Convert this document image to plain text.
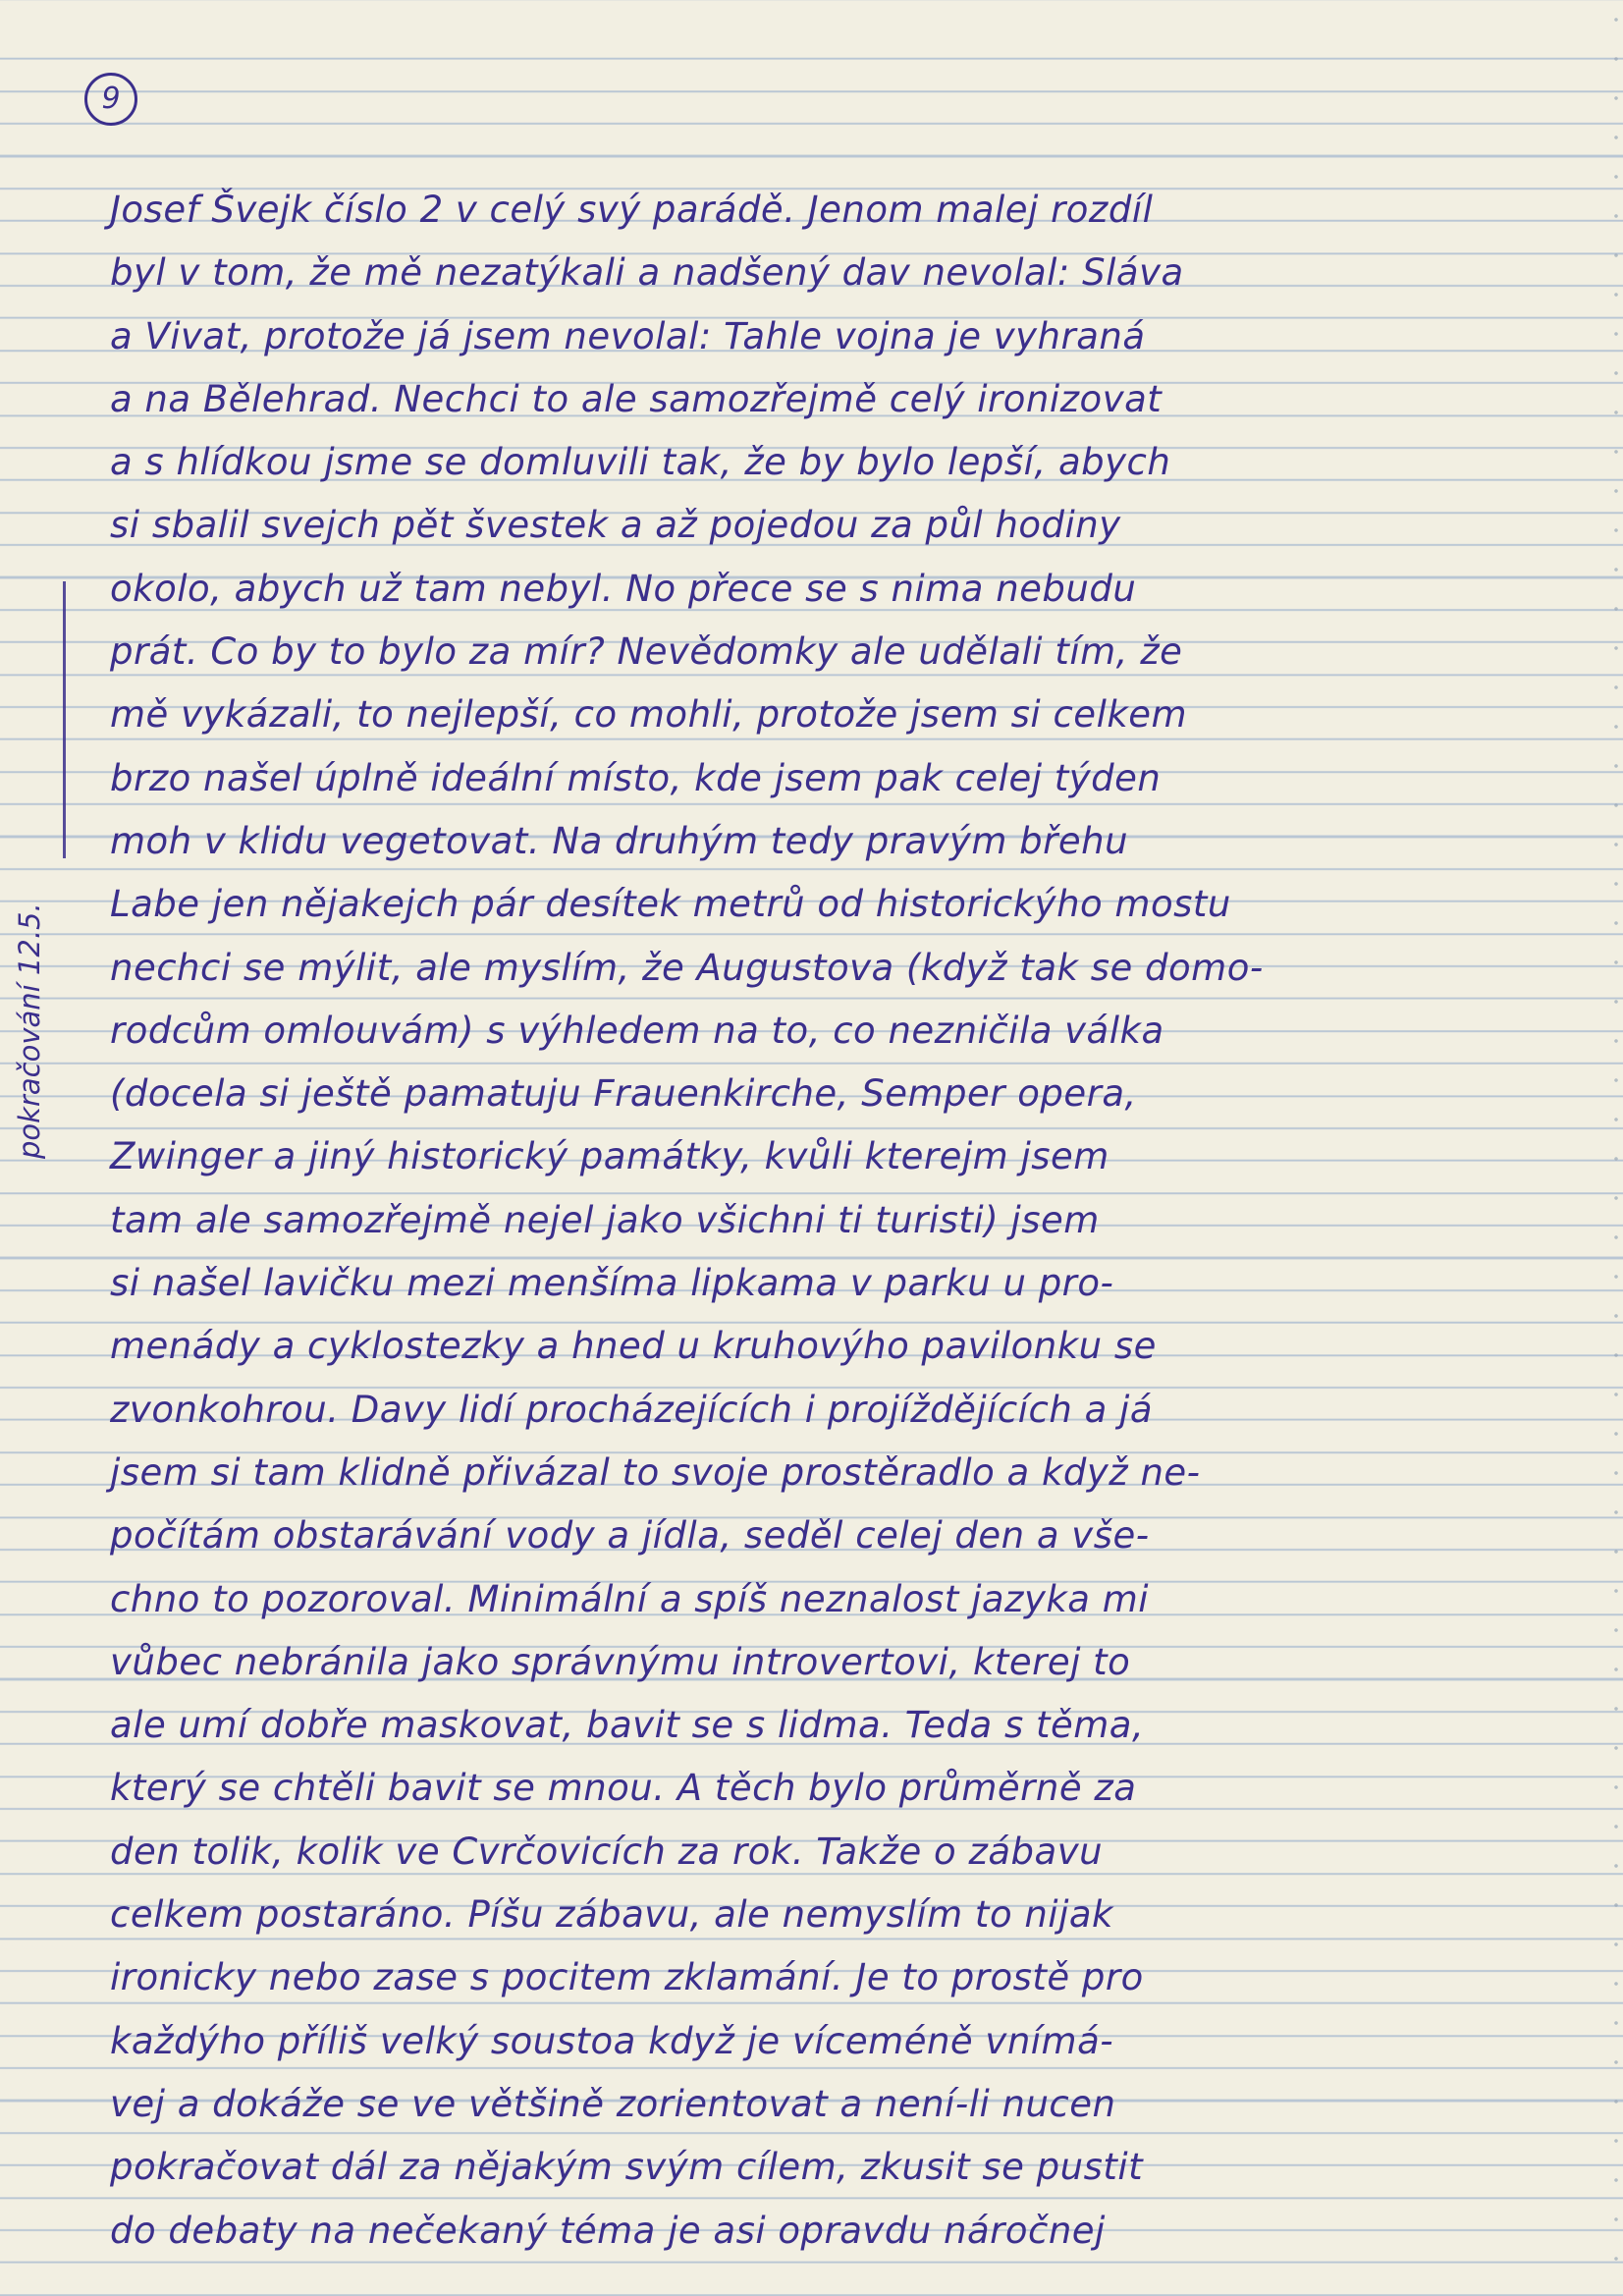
9
pokračování 12.5.
Josef Švejk číslo 2 v celý svý parádě. Jenom malej rozdíl
byl v tom, že mě nezatýkali a nadšený dav nevolal: Sláva
a Vivat, protože já jsem nevolal: Tahle vojna je vyhraná
a na Bělehrad. Nechci to ale samozřejmě celý ironizovat
a s hlídkou jsme se domluvili tak, že by bylo lepší, abych
si sbalil svejch pět švestek a až pojedou za půl hodiny
okolo, abych už tam nebyl. No přece se s nima nebudu
prát. Co by to bylo za mír? Nevědomky ale udělali tím, že
mě vykázali, to nejlepší, co mohli, protože jsem si celkem
brzo našel úplně ideální místo, kde jsem pak celej týden
moh v klidu vegetovat. Na druhým tedy pravým břehu
Labe jen nějakejch pár desítek metrů od historickýho mostu
nechci se mýlit, ale myslím, že Augustova (když tak se domo-
rodcům omlouvám) s výhledem na to, co nezničila válka
(docela si ještě pamatuju Frauenkirche, Semper opera,
Zwinger a jiný historický památky, kvůli kterejm jsem
tam ale samozřejmě nejel jako všichni ti turisti) jsem
si našel lavičku mezi menšíma lipkama v parku u pro-
menády a cyklostezky a hned u kruhovýho pavilonku se
zvonkohrou. Davy lidí procházejících i projíždějících a já
jsem si tam klidně přivázal to svoje prostěradlo a když ne-
počítám obstarávání vody a jídla, seděl celej den a vše-
chno to pozoroval. Minimální a spíš neznalost jazyka mi
vůbec nebránila jako správnýmu introvertovi, kterej to
ale umí dobře maskovat, bavit se s lidma. Teda s těma,
který se chtěli bavit se mnou. A těch bylo průměrně za
den tolik, kolik ve Cvrčovicích za rok. Takže o zábavu
celkem postaráno. Píšu zábavu, ale nemyslím to nijak
ironicky nebo zase s pocitem zklamání. Je to prostě pro
každýho příliš velký soustoa když je víceméně vnímá-
vej a dokáže se ve většině zorientovat a není-li nucen
pokračovat dál za nějakým svým cílem, zkusit se pustit
do debaty na nečekaný téma je asi opravdu náročnej
